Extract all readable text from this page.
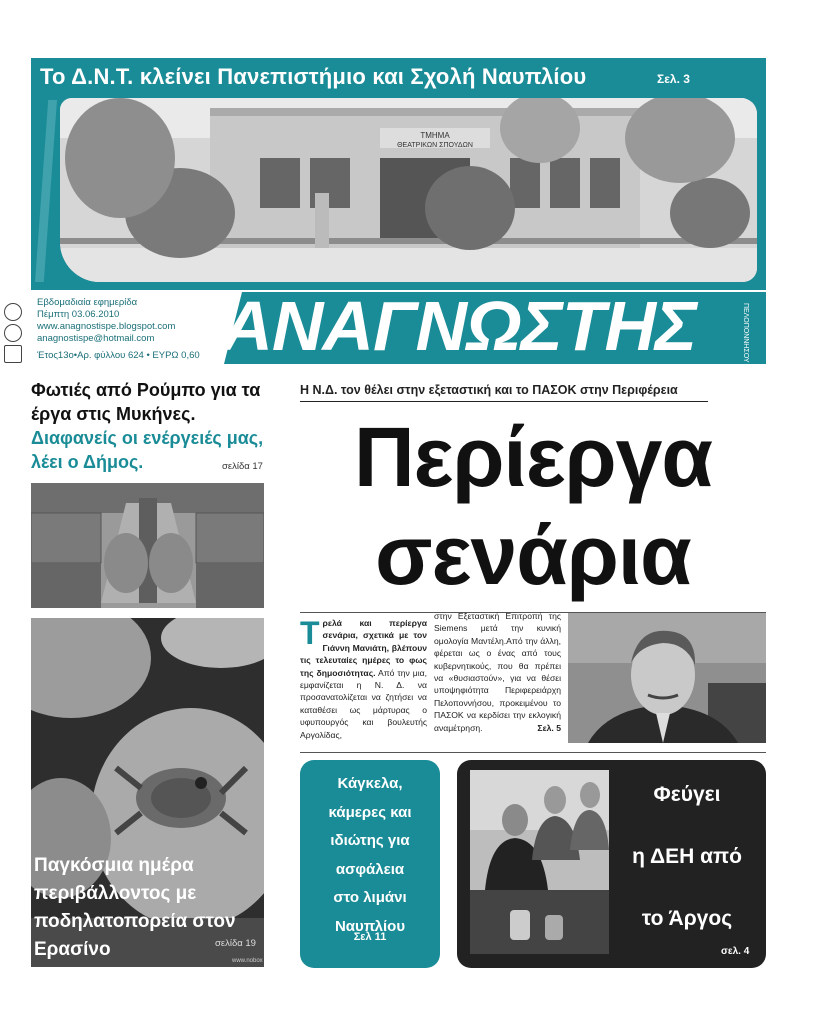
Το Δ.Ν.Τ. κλείνει Πανεπιστήμιο και Σχολή Ναυπλίου	Σελ. 3
ΤΜΗΜΑ
ΘΕΑΤΡΙΚΩΝ ΣΠΟΥΔΩΝ
ΑΝΑΓΝΩΣΤΗΣ	ΠΕΛΟΠΟΝΝΗΣΟΥ
Εβδομαδιαία εφημερίδα
Πέμπτη 03.06.2010
www.anagnostispe.blogspot.com
anagnostispe@hotmail.com
Έτος13ο•Αρ. φύλλου 624 • ΕΥΡΩ 0,60
Φωτιές από Ρούμπο για τα έργα στις Μυκήνες. Διαφανείς οι ενέργειές μας, λέει ο Δήμος.	σελίδα 17
Παγκόσμια ημέρα περιβάλλοντος με ποδηλατοπορεία στον Ερασίνο	σελίδα 19
www.nobox
Η Ν.Δ. τον θέλει στην εξεταστική και το ΠΑΣΟΚ στην Περιφέρεια
Περίεργα
σενάρια
Τρελά και περίεργα σενάρια, σχετικά με τον Γιάννη Μανιάτη, βλέπουν τις τελευταίες ημέρες το φως της δημοσιότητας. Από την μια, εμφανίζεται η Ν. Δ. να προσανατολίζεται να ζητήσει να καταθέσει ως μάρτυρας ο υφυπουργός και βουλευτής Αργολίδας,
στην Εξεταστική Επιτροπή της Siemens μετά την κυνική ομολογία Μαντέλη.Από την άλλη, φέρεται ως ο ένας από τους κυβερνητικούς, που θα πρέπει να «θυσιαστούν», για να θέσει υποψηφιότητα Περιφερειάρχη Πελοποννήσου, προκειμένου το ΠΑΣΟΚ να κερδίσει την εκλογική αναμέτρηση.	Σελ. 5
Κάγκελα,
κάμερες και
ιδιώτης για
ασφάλεια
στο λιμάνι
Ναυπλίου
Σελ 11
Φεύγει
η ΔΕΗ από
το Άργος
σελ. 4
